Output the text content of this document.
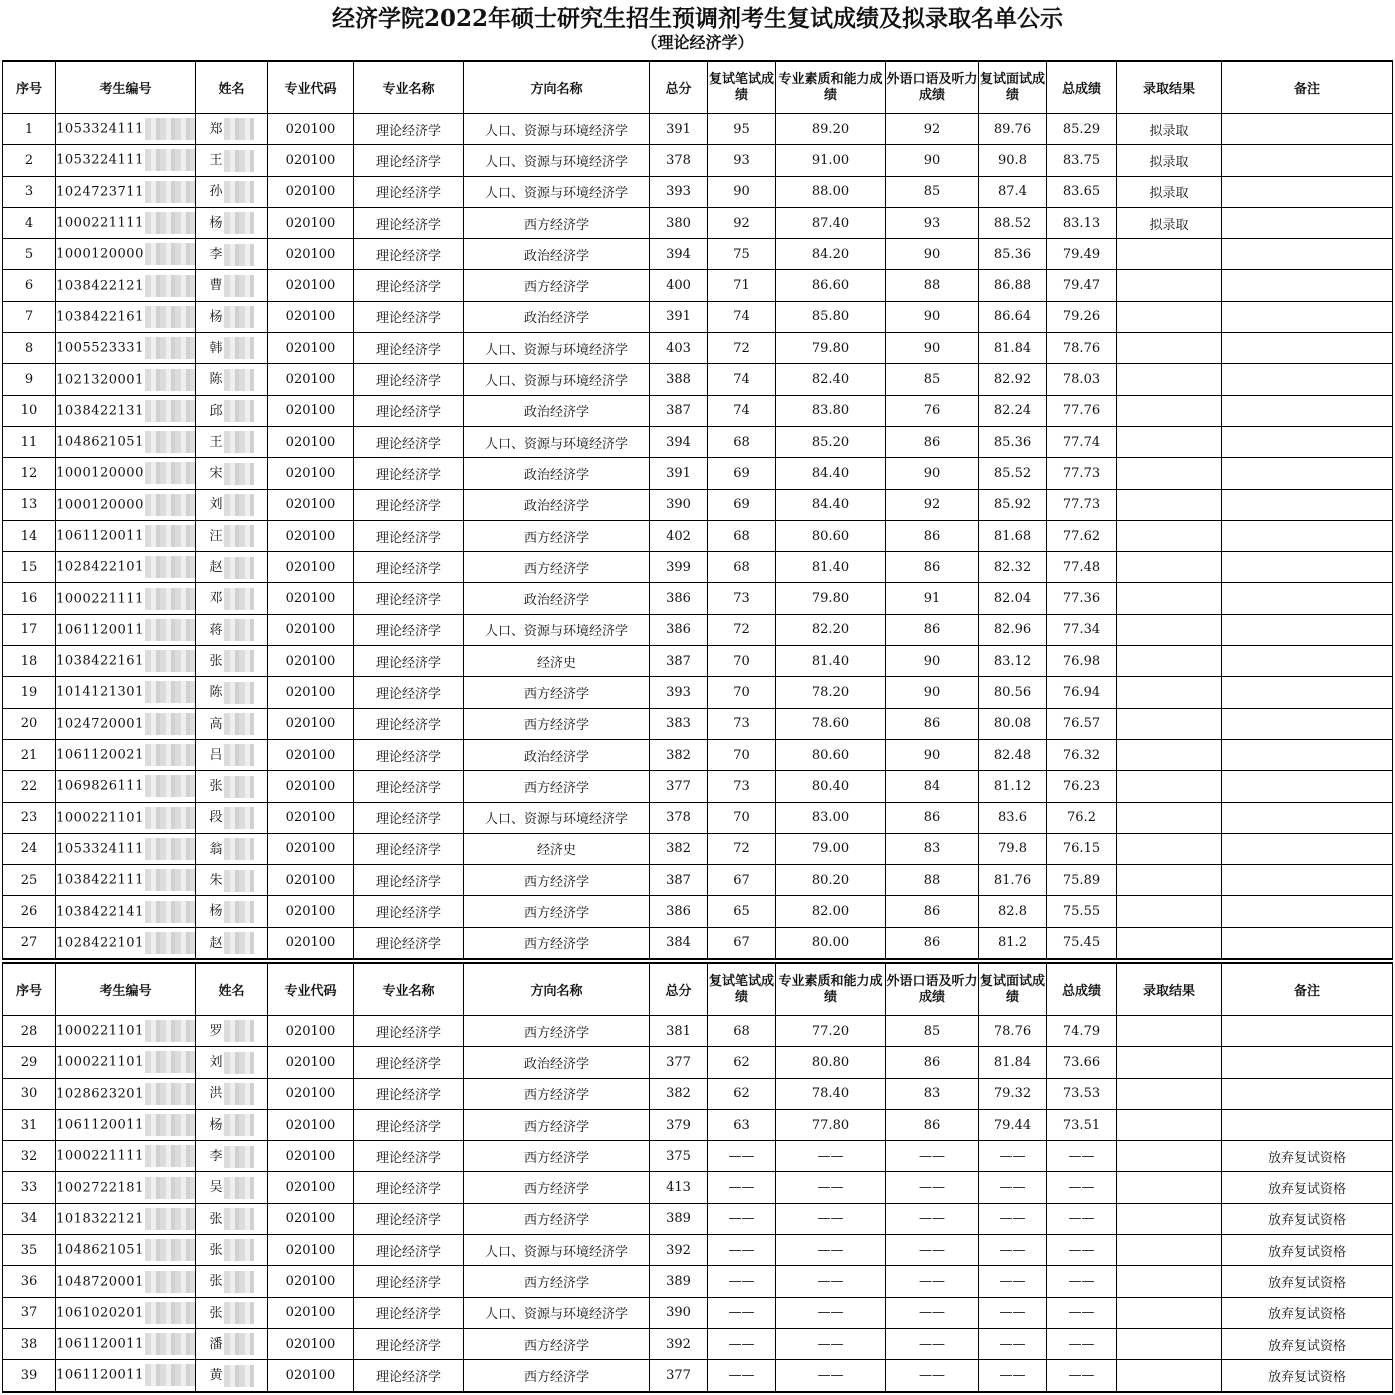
经济学院2022年硕士研究生招生预调剂考生复试成绩及拟录取名单公示
（理论经济学）
序号	考生编号	姓名	专业代码	专业名称	方向名称	总分	复试笔试成绩	专业素质和能力成绩	外语口语及听力成绩	复试面试成绩	总成绩	录取结果	备注
1	1053324111	郑	020100	理论经济学	人口、资源与环境经济学	391	95	89.20	92	89.76	85.29	拟录取	
2	1053224111	王	020100	理论经济学	人口、资源与环境经济学	378	93	91.00	90	90.8	83.75	拟录取	
3	1024723711	孙	020100	理论经济学	人口、资源与环境经济学	393	90	88.00	85	87.4	83.65	拟录取	
4	1000221111	杨	020100	理论经济学	西方经济学	380	92	87.40	93	88.52	83.13	拟录取	
5	1000120000	李	020100	理论经济学	政治经济学	394	75	84.20	90	85.36	79.49		
6	1038422121	曹	020100	理论经济学	西方经济学	400	71	86.60	88	86.88	79.47		
7	1038422161	杨	020100	理论经济学	政治经济学	391	74	85.80	90	86.64	79.26		
8	1005523331	韩	020100	理论经济学	人口、资源与环境经济学	403	72	79.80	90	81.84	78.76		
9	1021320001	陈	020100	理论经济学	人口、资源与环境经济学	388	74	82.40	85	82.92	78.03		
10	1038422131	邱	020100	理论经济学	政治经济学	387	74	83.80	76	82.24	77.76		
11	1048621051	王	020100	理论经济学	人口、资源与环境经济学	394	68	85.20	86	85.36	77.74		
12	1000120000	宋	020100	理论经济学	政治经济学	391	69	84.40	90	85.52	77.73		
13	1000120000	刘	020100	理论经济学	政治经济学	390	69	84.40	92	85.92	77.73		
14	1061120011	汪	020100	理论经济学	西方经济学	402	68	80.60	86	81.68	77.62		
15	1028422101	赵	020100	理论经济学	西方经济学	399	68	81.40	86	82.32	77.48		
16	1000221111	邓	020100	理论经济学	政治经济学	386	73	79.80	91	82.04	77.36		
17	1061120011	蒋	020100	理论经济学	人口、资源与环境经济学	386	72	82.20	86	82.96	77.34		
18	1038422161	张	020100	理论经济学	经济史	387	70	81.40	90	83.12	76.98		
19	1014121301	陈	020100	理论经济学	西方经济学	393	70	78.20	90	80.56	76.94		
20	1024720001	高	020100	理论经济学	西方经济学	383	73	78.60	86	80.08	76.57		
21	1061120021	吕	020100	理论经济学	政治经济学	382	70	80.60	90	82.48	76.32		
22	1069826111	张	020100	理论经济学	西方经济学	377	73	80.40	84	81.12	76.23		
23	1000221101	段	020100	理论经济学	人口、资源与环境经济学	378	70	83.00	86	83.6	76.2		
24	1053324111	翁	020100	理论经济学	经济史	382	72	79.00	83	79.8	76.15		
25	1038422111	朱	020100	理论经济学	西方经济学	387	67	80.20	88	81.76	75.89		
26	1038422141	杨	020100	理论经济学	西方经济学	386	65	82.00	86	82.8	75.55		
27	1028422101	赵	020100	理论经济学	西方经济学	384	67	80.00	86	81.2	75.45		
序号	考生编号	姓名	专业代码	专业名称	方向名称	总分	复试笔试成绩	专业素质和能力成绩	外语口语及听力成绩	复试面试成绩	总成绩	录取结果	备注
28	1000221101	罗	020100	理论经济学	西方经济学	381	68	77.20	85	78.76	74.79		
29	1000221101	刘	020100	理论经济学	政治经济学	377	62	80.80	86	81.84	73.66		
30	1028623201	洪	020100	理论经济学	西方经济学	382	62	78.40	83	79.32	73.53		
31	1061120011	杨	020100	理论经济学	西方经济学	379	63	77.80	86	79.44	73.51		
32	1000221111	李	020100	理论经济学	西方经济学	375	——	——	——	——	——		放弃复试资格
33	1002722181	吴	020100	理论经济学	西方经济学	413	——	——	——	——	——		放弃复试资格
34	1018322121	张	020100	理论经济学	西方经济学	389	——	——	——	——	——		放弃复试资格
35	1048621051	张	020100	理论经济学	人口、资源与环境经济学	392	——	——	——	——	——		放弃复试资格
36	1048720001	张	020100	理论经济学	西方经济学	389	——	——	——	——	——		放弃复试资格
37	1061020201	张	020100	理论经济学	人口、资源与环境经济学	390	——	——	——	——	——		放弃复试资格
38	1061120011	潘	020100	理论经济学	西方经济学	392	——	——	——	——	——		放弃复试资格
39	1061120011	黄	020100	理论经济学	西方经济学	377	——	——	——	——	——		放弃复试资格
